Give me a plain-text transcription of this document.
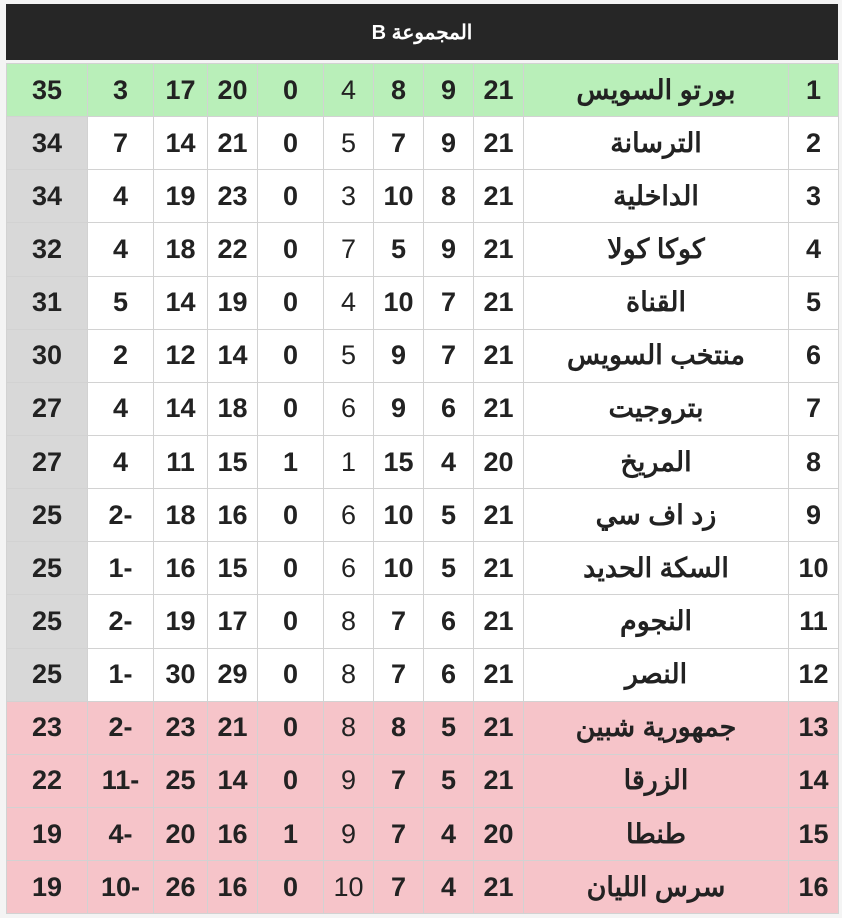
المجموعة B
1	بورتو السويس	21	9	8	4	0	20	17	3	35
2	الترسانة	21	9	7	5	0	21	14	7	34
3	الداخلية	21	8	10	3	0	23	19	4	34
4	كوكا كولا	21	9	5	7	0	22	18	4	32
5	القناة	21	7	10	4	0	19	14	5	31
6	منتخب السويس	21	7	9	5	0	14	12	2	30
7	بتروجيت	21	6	9	6	0	18	14	4	27
8	المريخ	20	4	15	1	1	15	11	4	27
9	زد اف سي	21	5	10	6	0	16	18	2-	25
10	السكة الحديد	21	5	10	6	0	15	16	1-	25
11	النجوم	21	6	7	8	0	17	19	2-	25
12	النصر	21	6	7	8	0	29	30	1-	25
13	جمهورية شبين	21	5	8	8	0	21	23	2-	23
14	الزرقا	21	5	7	9	0	14	25	11-	22
15	طنطا	20	4	7	9	1	16	20	4-	19
16	سرس الليان	21	4	7	10	0	16	26	10-	19
